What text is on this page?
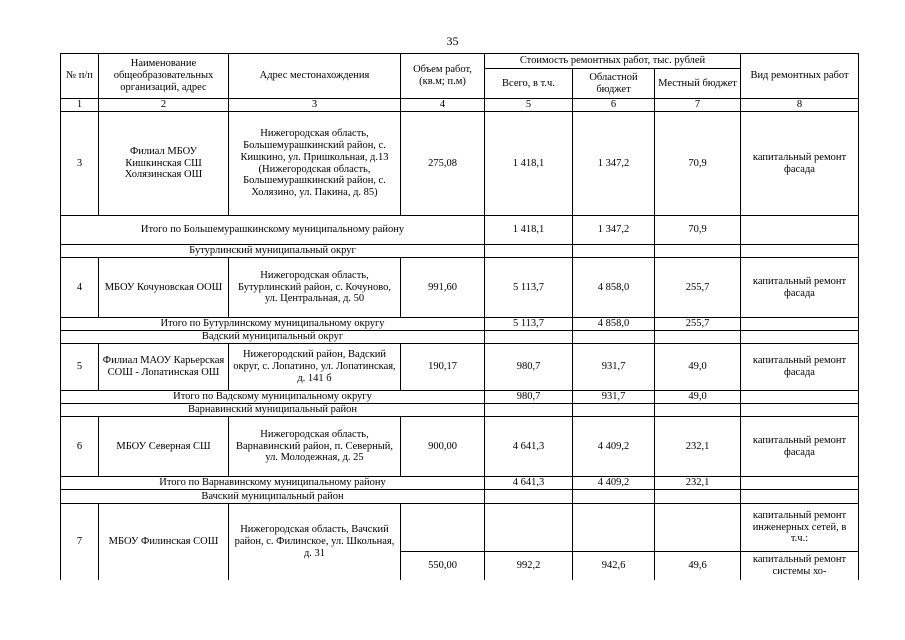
35
№ п/п	Наименование общеобразовательных организаций, адрес	Адрес местонахождения	Объем работ, (кв.м; п.м)	Стоимость ремонтных работ, тыс. рублей			Вид ремонтных работ
				Всего, в т.ч.	Областной бюджет	Местный бюджет	
1	2	3	4	5	6	7	8
3	Филиал МБОУ Кишкинская СШ Холязинская ОШ	Нижегородская область, Большемурашкинский район, с. Кишкино, ул. Пришкольная, д.13 (Нижегородская область, Большемурашкинский район, с. Холязино, ул. Пакина, д. 85)	275,08	1 418,1	1 347,2	70,9	капитальный ремонт фасада
Итого по Большемурашкинскому муниципальному району				1 418,1	1 347,2	70,9	
Бутурлинский муниципальный округ							
4	МБОУ Кочуновская ООШ	Нижегородская область, Бутурлинский район, с. Кочуново, ул. Центральная, д. 50	991,60	5 113,7	4 858,0	255,7	капитальный ремонт фасада
Итого по Бутурлинскому муниципальному округу				5 113,7	4 858,0	255,7	
Вадский муниципальный округ							
5	Филиал МАОУ Карьерская СОШ - Лопатинская ОШ	Нижегородский район, Вадский округ, с. Лопатино, ул. Лопатинская, д. 141 б	190,17	980,7	931,7	49,0	капитальный ремонт фасада
Итого по Вадскому муниципальному округу				980,7	931,7	49,0	
Варнавинский муниципальный район							
6	МБОУ Северная СШ	Нижегородская область, Варнавинский район, п. Северный, ул. Молодежная, д. 25	900,00	4 641,3	4 409,2	232,1	капитальный ремонт фасада
Итого по Варнавинскому муниципальному району				4 641,3	4 409,2	232,1	
Вачский муниципальный район							
7	МБОУ Филинская СОШ	Нижегородская область, Вачский район, с. Филинское, ул. Школьная, д. 31					капитальный ремонт инженерных сетей, в т.ч.:
			550,00	992,2	942,6	49,6	капитальный ремонт системы хо-
